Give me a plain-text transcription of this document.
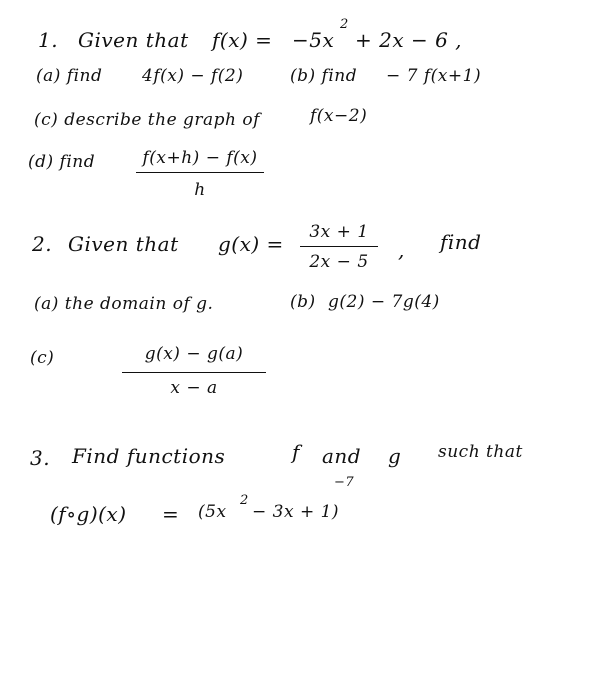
1. Given that f(x) = −5x
2
+ 2x − 6 ,
(a) find 4f(x) − f(2)	(b) find − 7 f(x+1)
(c) describe the graph of	f(x−2)
(d) find	f(x+h) − f(x)
h
2. Given that g(x) =	3x + 1
2x − 5	, find
(a) the domain of g.	(b) g(2) − 7g(4)
(c)	g(x) − g(a)
x − a
3. Find functions	f and g such that
(f∘g)(x) = (5x
2
− 3x + 1)
−7
